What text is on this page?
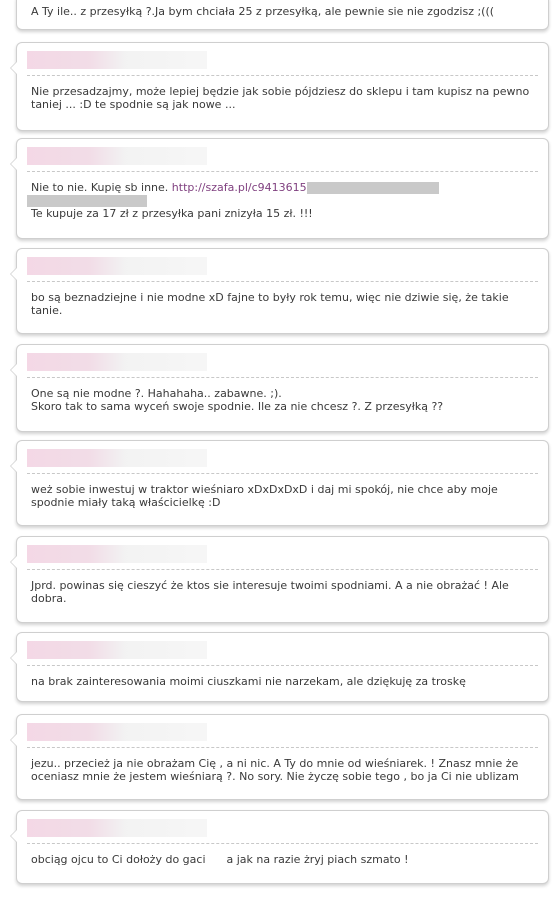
A Ty ile.. z przesyłką ?.Ja bym chciała 25 z przesyłką, ale pewnie sie nie zgodzisz ;(((
Nie przesadzajmy, może lepiej będzie jak sobie pójdziesz do sklepu i tam kupisz na pewno
taniej ... :D te spodnie są jak nowe ...
Nie to nie. Kupię sb inne. http://szafa.pl/c9413615
Te kupuje za 17 zł z przesyłka pani znizyła 15 zł. !!!
bo są beznadziejne i nie modne xD fajne to były rok temu, więc nie dziwie się, że takie
tanie.
One są nie modne ?. Hahahaha.. zabawne. ;).
Skoro tak to sama wyceń swoje spodnie. Ile za nie chcesz ?. Z przesyłką ??
weż sobie inwestuj w traktor wieśniaro xDxDxDxD i daj mi spokój, nie chce aby moje
spodnie miały taką właścicielkę :D
Jprd. powinas się cieszyć że ktos sie interesuje twoimi spodniami. A a nie obrażać ! Ale
dobra.
na brak zainteresowania moimi ciuszkami nie narzekam, ale dziękuję za troskę
jezu.. przecież ja nie obrażam Cię , a ni nic. A Ty do mnie od wieśniarek. ! Znasz mnie że
oceniasz mnie że jestem wieśniarą ?. No sory. Nie życzę sobie tego , bo ja Ci nie ublizam
obciąg ojcu to Ci dołoży do gaci      a jak na razie żryj piach szmato !
